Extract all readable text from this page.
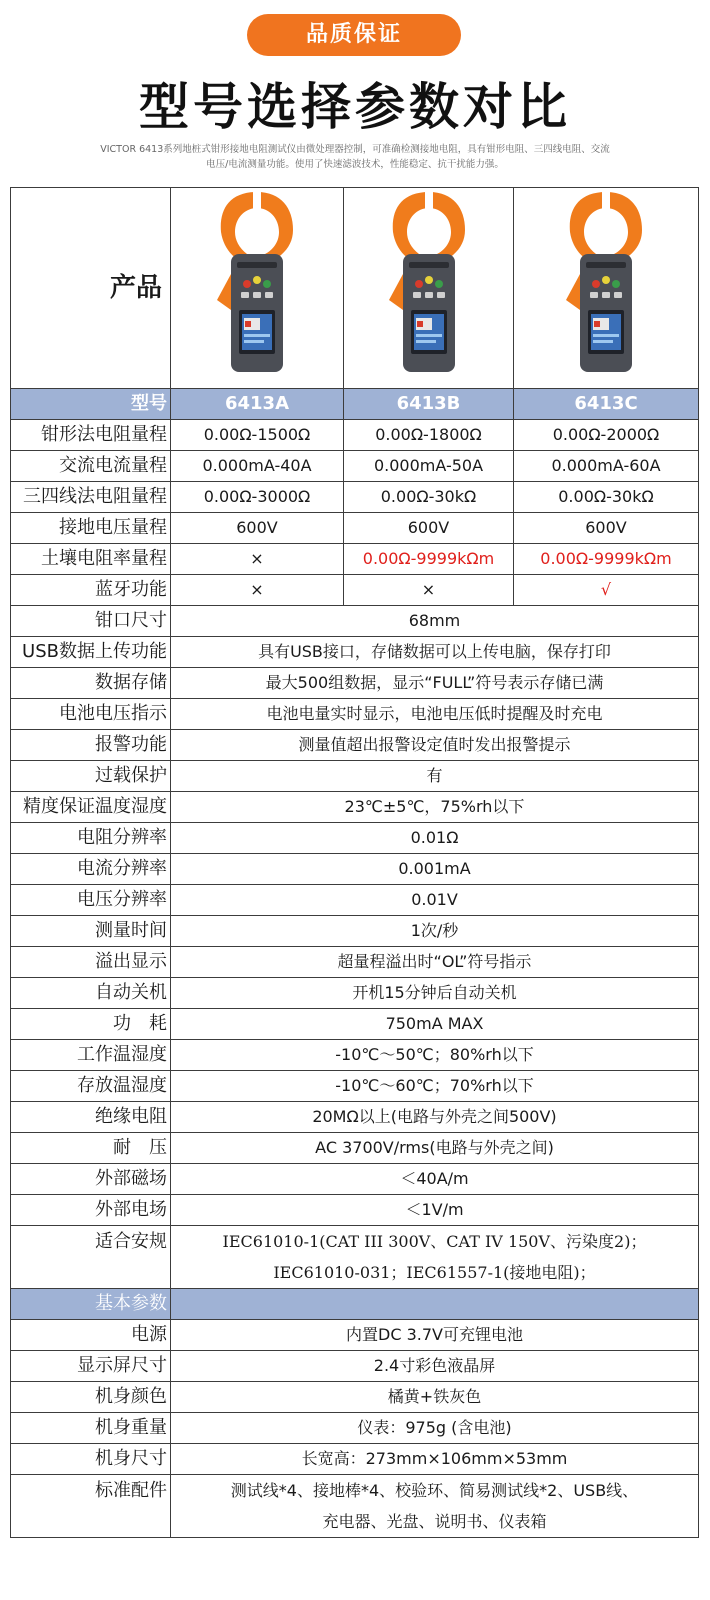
品质保证
型号选择参数对比
VICTOR 6413系列地桩式钳形接地电阻测试仪由微处理器控制，可准确检测接地电阻，具有钳形电阻、三四线电阻、交流
电压/电流测量功能。使用了快速滤波技术，性能稳定、抗干扰能力强。
产品	

型号	6413A	6413B	6413C
钳形法电阻量程	0.00Ω-1500Ω	0.00Ω-1800Ω	0.00Ω-2000Ω
交流电流量程	0.000mA-40A	0.000mA-50A	0.000mA-60A
三四线法电阻量程	0.00Ω-3000Ω	0.00Ω-30kΩ	0.00Ω-30kΩ
接地电压量程	600V	600V	600V
土壤电阻率量程	×	0.00Ω-9999kΩm	0.00Ω-9999kΩm
蓝牙功能	×	×	√
钳口尺寸	68mm		
USB数据上传功能	具有USB接口，存储数据可以上传电脑，保存打印		
数据存储	最大500组数据，显示“FULL”符号表示存储已满		
电池电压指示	电池电量实时显示，电池电压低时提醒及时充电		
报警功能	测量值超出报警设定值时发出报警提示		
过载保护	有		
精度保证温度湿度	23℃±5℃，75%rh以下		
电阻分辨率	0.01Ω		
电流分辨率	0.001mA		
电压分辨率	0.01V		
测量时间	1次/秒		
溢出显示	超量程溢出时“OL”符号指示		
自动关机	开机15分钟后自动关机		
功　耗	750mA MAX		
工作温湿度	-10℃～50℃；80%rh以下		
存放温湿度	-10℃～60℃；70%rh以下		
绝缘电阻	20MΩ以上(电路与外壳之间500V)		
耐　压	AC 3700V/rms(电路与外壳之间)		
外部磁场	＜40A/m		
外部电场	＜1V/m		
适合安规	IEC61010-1(CAT III 300V、CAT IV 150V、污染度2)；
IEC61010-031；IEC61557-1(接地电阻)；		

基本参数			
电源	内置DC 3.7V可充锂电池		
显示屏尺寸	2.4寸彩色液晶屏		
机身颜色	橘黄+铁灰色		
机身重量	仪表：975g (含电池)		
机身尺寸	长宽高：273mm×106mm×53mm		
标准配件	测试线*4、接地棒*4、校验环、简易测试线*2、USB线、
充电器、光盘、说明书、仪表箱		
